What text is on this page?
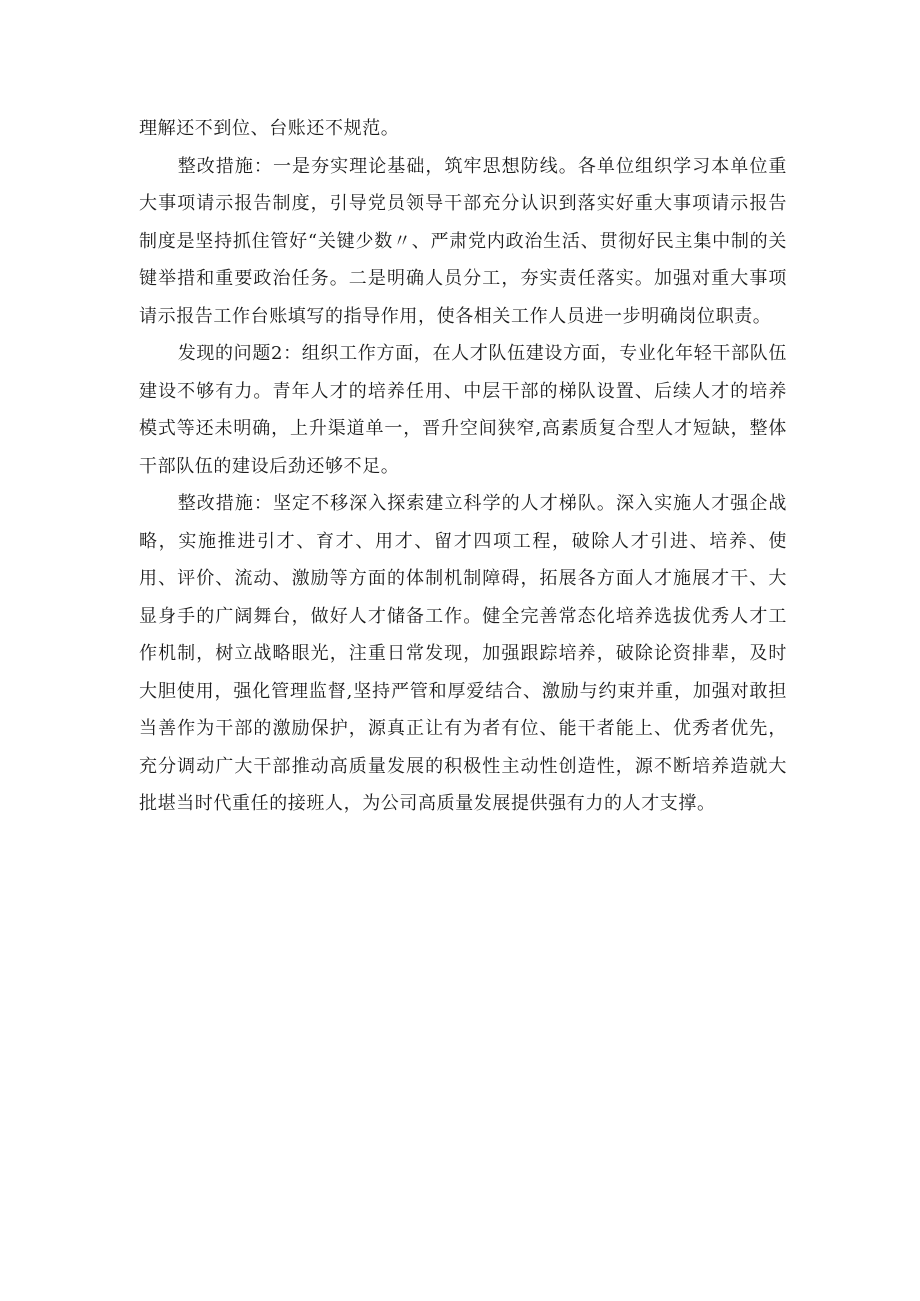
理解还不到位、台账还不规范。

整改措施：一是夯实理论基础，筑牢思想防线。各单位组织学习本单位重大事项请示报告制度，引导党员领导干部充分认识到落实好重大事项请示报告制度是坚持抓住管好“关键少数〃、严肃党内政治生活、贯彻好民主集中制的关键举措和重要政治任务。二是明确人员分工，夯实责任落实。加强对重大事项请示报告工作台账填写的指导作用，使各相关工作人员进一步明确岗位职责。

发现的问题2：组织工作方面，在人才队伍建设方面，专业化年轻干部队伍建设不够有力。青年人才的培养任用、中层干部的梯队设置、后续人才的培养模式等还未明确，上升渠道单一，晋升空间狭窄,高素质复合型人才短缺，整体干部队伍的建设后劲还够不足。

整改措施：坚定不移深入探索建立科学的人才梯队。深入实施人才强企战略，实施推进引才、育才、用才、留才四项工程，破除人才引进、培养、使用、评价、流动、激励等方面的体制机制障碍，拓展各方面人才施展才干、大显身手的广阔舞台，做好人才储备工作。健全完善常态化培养选拔优秀人才工作机制，树立战略眼光，注重日常发现，加强跟踪培养，破除论资排辈，及时大胆使用，强化管理监督,坚持严管和厚爱结合、激励与约束并重，加强对敢担当善作为干部的激励保护，源真正让有为者有位、能干者能上、优秀者优先，充分调动广大干部推动高质量发展的积极性主动性创造性，源不断培养造就大批堪当时代重任的接班人，为公司高质量发展提供强有力的人才支撑。
